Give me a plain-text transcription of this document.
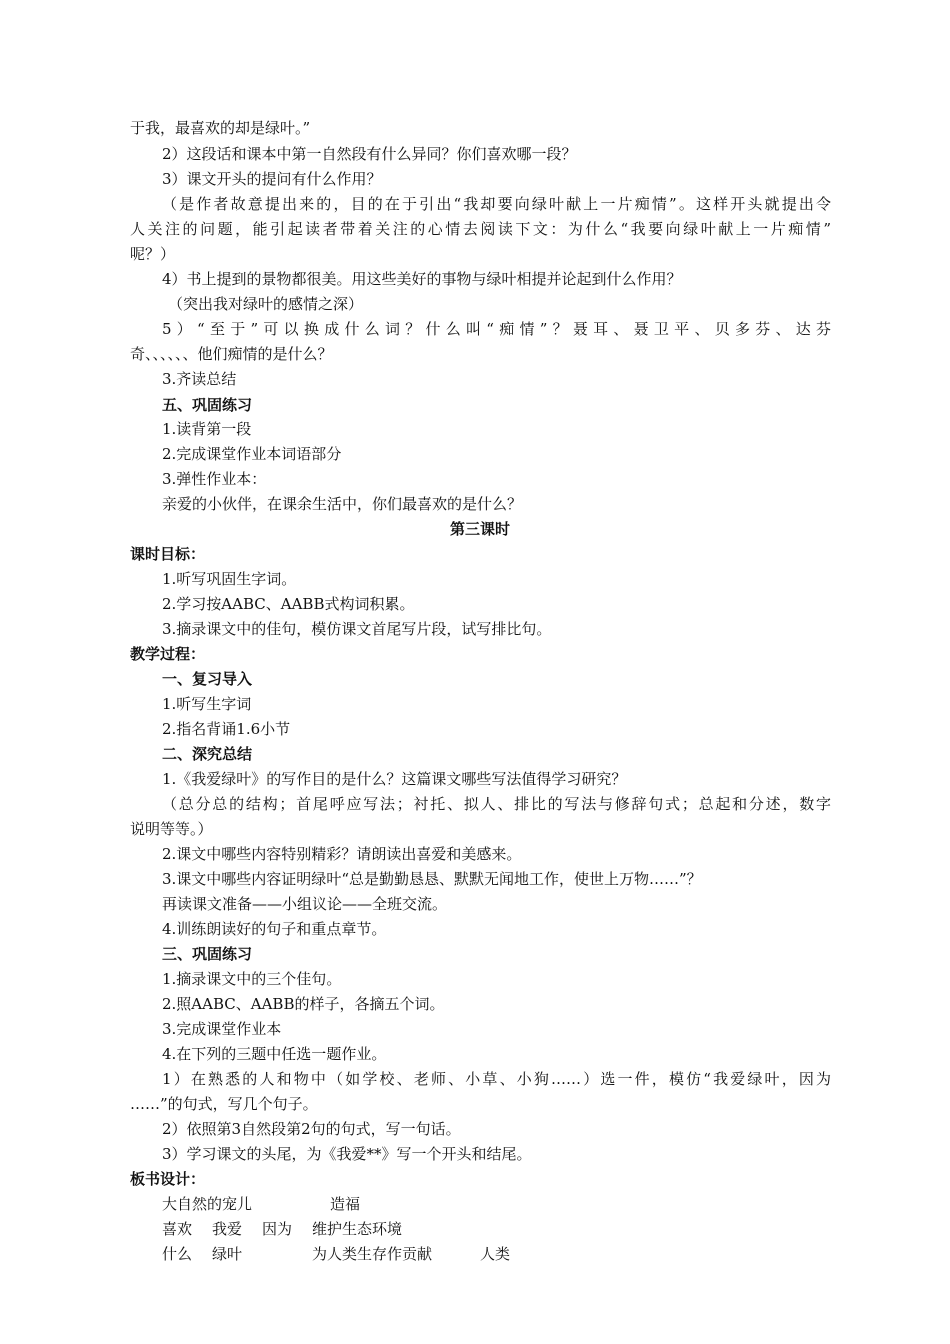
于我，最喜欢的却是绿叶。”
2）这段话和课本中第一自然段有什么异同？你们喜欢哪一段？
3）课文开头的提问有什么作用？
（是作者故意提出来的，目的在于引出“我却要向绿叶献上一片痴情”。这样开头就提出令
人关注的问题，能引起读者带着关注的心情去阅读下文：为什么“我要向绿叶献上一片痴情”
呢？）
4）书上提到的景物都很美。用这些美好的事物与绿叶相提并论起到什么作用？
（突出我对绿叶的感情之深）
5）“至于”可以换成什么词？什么叫“痴情”？聂耳、聂卫平、贝多芬、达芬
奇、、、、、、他们痴情的是什么？
3.齐读总结
五、巩固练习
1.读背第一段
2.完成课堂作业本词语部分
3.弹性作业本：
亲爱的小伙伴，在课余生活中，你们最喜欢的是什么？
第三课时
课时目标：
1.听写巩固生字词。
2.学习按AABC、AABB式构词积累。
3.摘录课文中的佳句，模仿课文首尾写片段，试写排比句。
教学过程：
一、复习导入
1.听写生字词
2.指名背诵1.6小节
二、深究总结
1.《我爱绿叶》的写作目的是什么？这篇课文哪些写法值得学习研究？
（总分总的结构；首尾呼应写法；衬托、拟人、排比的写法与修辞句式；总起和分述，数字
说明等等。）
2.课文中哪些内容特别精彩？请朗读出喜爱和美感来。
3.课文中哪些内容证明绿叶“总是勤勤恳恳、默默无闻地工作，使世上万物……”？
再读课文准备——小组议论——全班交流。
4.训练朗读好的句子和重点章节。
三、巩固练习
1.摘录课文中的三个佳句。
2.照AABC、AABB的样子，各摘五个词。
3.完成课堂作业本
4.在下列的三题中任选一题作业。
1）在熟悉的人和物中（如学校、老师、小草、小狗……）选一件，模仿“我爱绿叶，因为
……”的句式，写几个句子。
2）依照第3自然段第2句的句式，写一句话。
3）学习课文的头尾，为《我爱**》写一个开头和结尾。
板书设计：
大自然的宠儿	造福
喜欢 我爱 因为 维护生态环境
什么 绿叶	为人类生存作贡献	人类
